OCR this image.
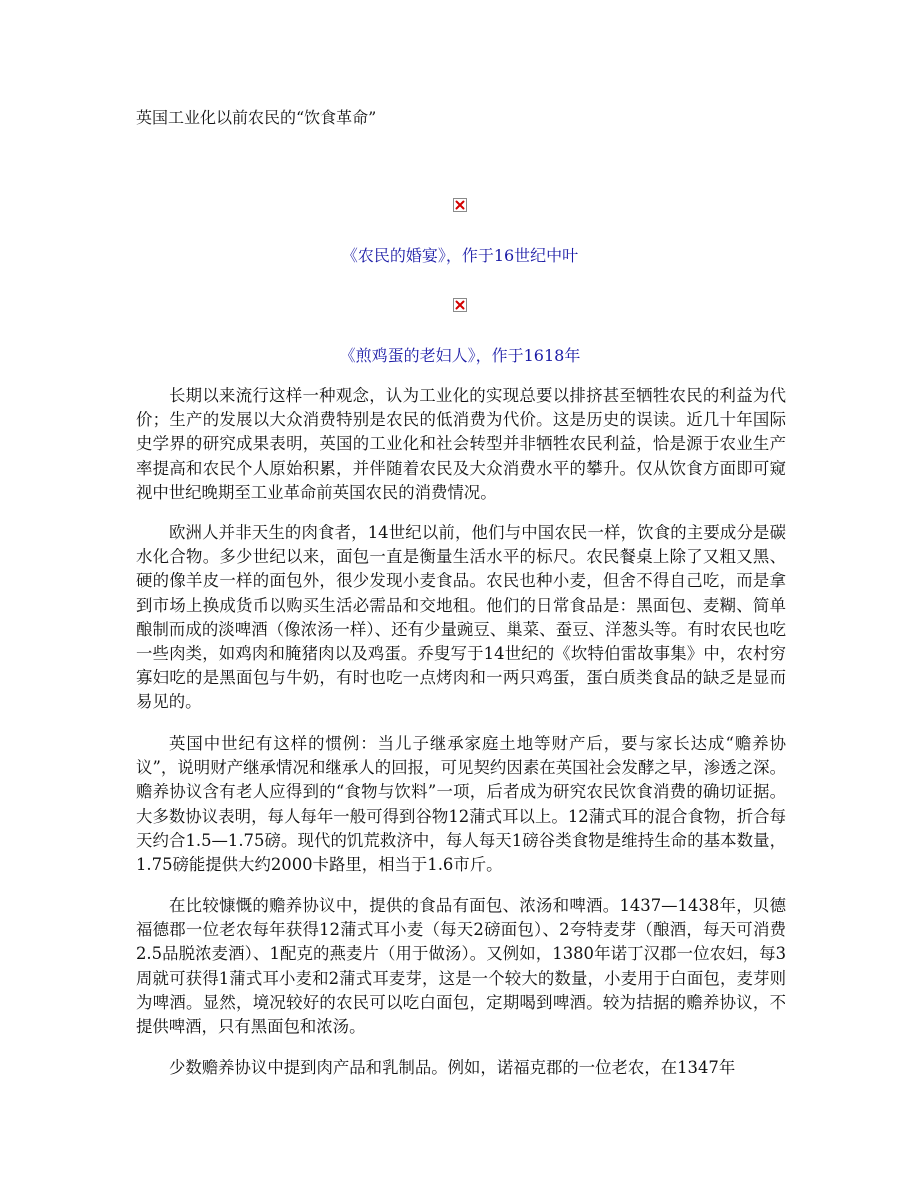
英国工业化以前农民的“饮食革命”
《农民的婚宴》，作于16世纪中叶
《煎鸡蛋的老妇人》，作于1618年

长期以来流行这样一种观念，认为工业化的实现总要以排挤甚至牺牲农民的利益为代价；生产的发展以大众消费特别是农民的低消费为代价。这是历史的误读。近几十年国际史学界的研究成果表明，英国的工业化和社会转型并非牺牲农民利益，恰是源于农业生产率提高和农民个人原始积累，并伴随着农民及大众消费水平的攀升。仅从饮食方面即可窥视中世纪晚期至工业革命前英国农民的消费情况。

欧洲人并非天生的肉食者，14世纪以前，他们与中国农民一样，饮食的主要成分是碳水化合物。多少世纪以来，面包一直是衡量生活水平的标尺。农民餐桌上除了又粗又黑、硬的像羊皮一样的面包外，很少发现小麦食品。农民也种小麦，但舍不得自己吃，而是拿到市场上换成货币以购买生活必需品和交地租。他们的日常食品是：黑面包、麦糊、简单酿制而成的淡啤酒（像浓汤一样）、还有少量豌豆、巢菜、蚕豆、洋葱头等。有时农民也吃一些肉类，如鸡肉和腌猪肉以及鸡蛋。乔叟写于14世纪的《坎特伯雷故事集》中，农村穷寡妇吃的是黑面包与牛奶，有时也吃一点烤肉和一两只鸡蛋，蛋白质类食品的缺乏是显而易见的。

英国中世纪有这样的惯例：当儿子继承家庭土地等财产后，要与家长达成“赡养协议”，说明财产继承情况和继承人的回报，可见契约因素在英国社会发酵之早，渗透之深。赡养协议含有老人应得到的“食物与饮料”一项，后者成为研究农民饮食消费的确切证据。大多数协议表明，每人每年一般可得到谷物12蒲式耳以上。12蒲式耳的混合食物，折合每天约合1.5—1.75磅。现代的饥荒救济中，每人每天1磅谷类食物是维持生命的基本数量，1.75磅能提供大约2000卡路里，相当于1.6市斤。

在比较慷慨的赡养协议中，提供的食品有面包、浓汤和啤酒。1437—1438年，贝德福德郡一位老农每年获得12蒲式耳小麦（每天2磅面包）、2夸特麦芽（酿酒，每天可消费2.5品脱浓麦酒）、1配克的燕麦片（用于做汤）。又例如，1380年诺丁汉郡一位农妇，每3周就可获得1蒲式耳小麦和2蒲式耳麦芽，这是一个较大的数量，小麦用于白面包，麦芽则为啤酒。显然，境况较好的农民可以吃白面包，定期喝到啤酒。较为拮据的赡养协议，不提供啤酒，只有黑面包和浓汤。

少数赡养协议中提到肉产品和乳制品。例如，诺福克郡的一位老农，在1347年
